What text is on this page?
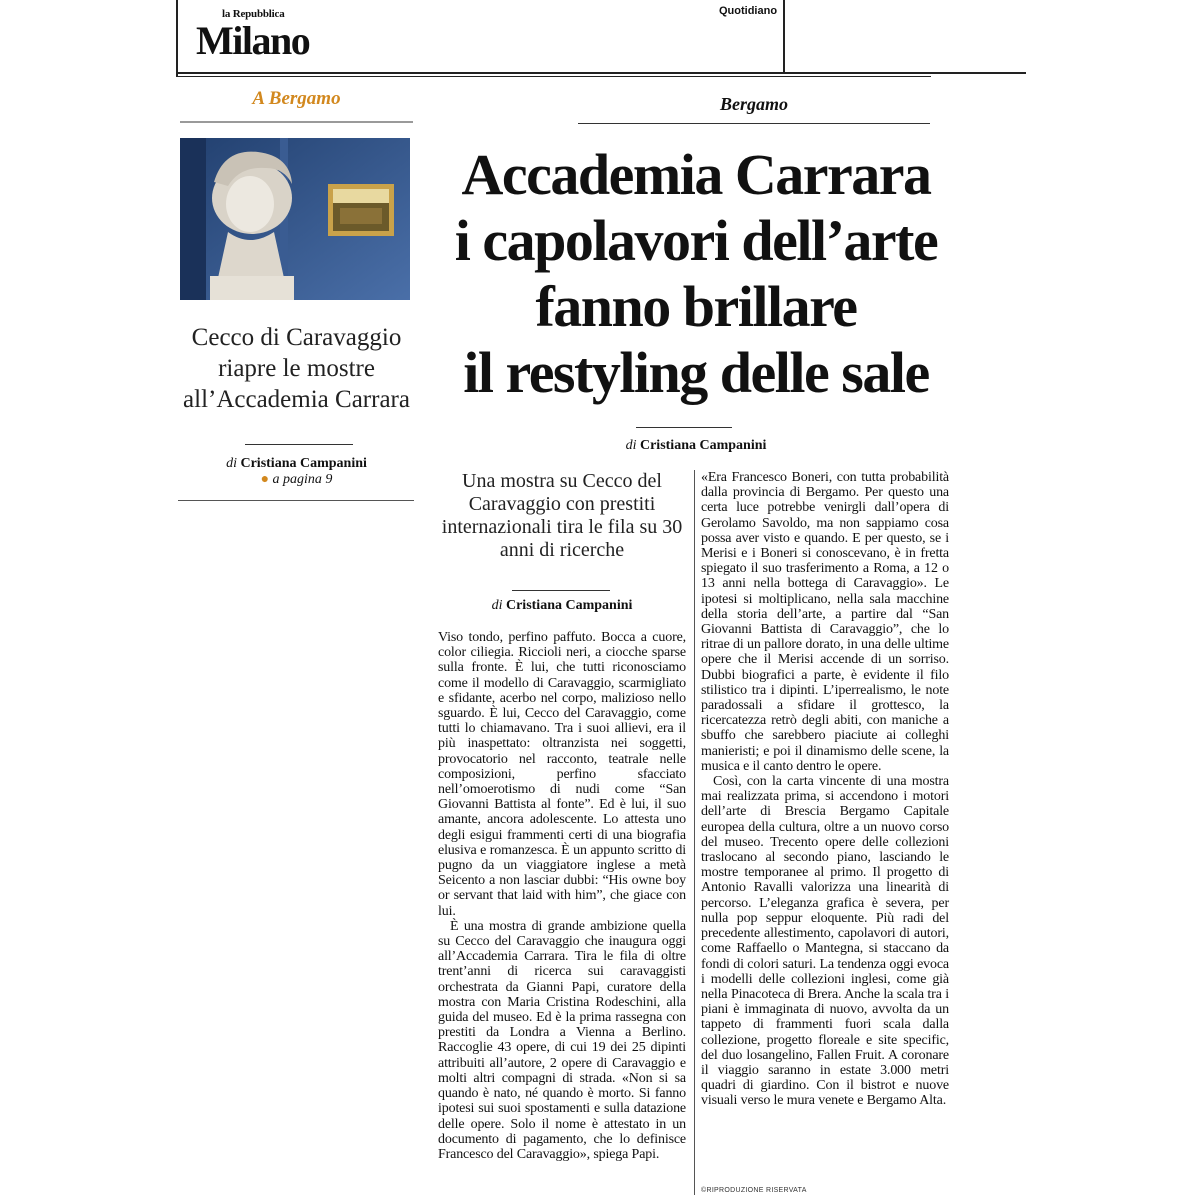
la Repubblica
Milano
Quotidiano
A Bergamo
Cecco di Caravaggio
riapre le mostre
all’Accademia Carrara
di Cristiana Campanini
● a pagina 9
Bergamo
Accademia Carrara
i capolavori dell’arte
fanno brillare
il restyling delle sale
di Cristiana Campanini
Una mostra su Cecco del Caravaggio con prestiti internazionali tira le fila su 30 anni di ricerche
di Cristiana Campanini

Viso tondo, perfino paffuto. Bocca a cuore, color ciliegia. Riccioli neri, a ciocche sparse sulla fronte. È lui, che tutti riconosciamo come il modello di Caravaggio, scarmigliato e sfidante, acerbo nel corpo, malizioso nello sguardo. È lui, Cecco del Caravaggio, come tutti lo chiamavano. Tra i suoi allievi, era il più inaspettato: oltranzista nei soggetti, provocatorio nel racconto, teatrale nelle composizioni, perfino sfacciato nell’omoerotismo di nudi come “San Giovanni Battista al fonte”. Ed è lui, il suo amante, ancora adolescente. Lo attesta uno degli esigui frammenti certi di una biografia elusiva e romanzesca. È un appunto scritto di pugno da un viaggiatore inglese a metà Seicento a non lasciar dubbi: “His owne boy or servant that laid with him”, che giace con lui.

È una mostra di grande ambizione quella su Cecco del Caravaggio che inaugura oggi all’Accademia Carrara. Tira le fila di oltre trent’anni di ricerca sui caravaggisti orchestrata da Gianni Papi, curatore della mostra con Maria Cristina Rodeschini, alla guida del museo. Ed è la prima rassegna con prestiti da Londra a Vienna a Berlino. Raccoglie 43 opere, di cui 19 dei 25 dipinti attribuiti all’autore, 2 opere di Caravaggio e molti altri compagni di strada. «Non si sa quando è nato, né quando è morto. Si fanno ipotesi sui suoi spostamenti e sulla datazione delle opere. Solo il nome è attestato in un documento di pagamento, che lo definisce Francesco del Caravaggio», spiega Papi.

«Era Francesco Boneri, con tutta probabilità dalla provincia di Bergamo. Per questo una certa luce potrebbe venirgli dall’opera di Gerolamo Savoldo, ma non sappiamo cosa possa aver visto e quando. E per questo, se i Merisi e i Boneri si conoscevano, è in fretta spiegato il suo trasferimento a Roma, a 12 o 13 anni nella bottega di Caravaggio». Le ipotesi si moltiplicano, nella sala macchine della storia dell’arte, a partire dal “San Giovanni Battista di Caravaggio”, che lo ritrae di un pallore dorato, in una delle ultime opere che il Merisi accende di un sorriso. Dubbi biografici a parte, è evidente il filo stilistico tra i dipinti. L’iperrealismo, le note paradossali a sfidare il grottesco, la ricercatezza retrò degli abiti, con maniche a sbuffo che sarebbero piaciute ai colleghi manieristi; e poi il dinamismo delle scene, la musica e il canto dentro le opere.

Così, con la carta vincente di una mostra mai realizzata prima, si accendono i motori dell’arte di Brescia Bergamo Capitale europea della cultura, oltre a un nuovo corso del museo. Trecento opere delle collezioni traslocano al secondo piano, lasciando le mostre temporanee al primo. Il progetto di Antonio Ravalli valorizza una linearità di percorso. L’eleganza grafica è severa, per nulla pop seppur eloquente. Più radi del precedente allestimento, capolavori di autori, come Raffaello o Mantegna, si staccano da fondi di colori saturi. La tendenza oggi evoca i modelli delle collezioni inglesi, come già nella Pinacoteca di Brera. Anche la scala tra i piani è immaginata di nuovo, avvolta da un tappeto di frammenti fuori scala dalla collezione, progetto floreale e site specific, del duo losangelino, Fallen Fruit. A coronare il viaggio saranno in estate 3.000 metri quadri di giardino. Con il bistrot e nuove visuali verso le mura venete e Bergamo Alta.

©RIPRODUZIONE RISERVATA
